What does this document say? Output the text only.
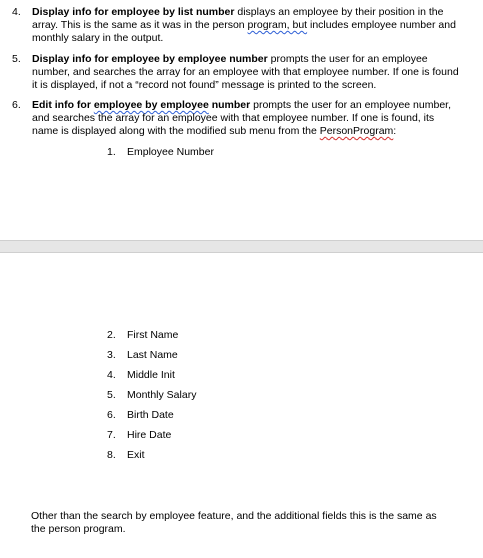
4. Display info for employee by list number displays an employee by their position in the array. This is the same as it was in the person program, but includes employee number and monthly salary in the output.
5. Display info for employee by employee number prompts the user for an employee number, and searches the array for an employee with that employee number. If one is found it is displayed, if not a “record not found” message is printed to the screen.
6. Edit info for employee by employee number prompts the user for an employee number, and searches the array for an employee with that employee number. If one is found, its name is displayed along with the modified sub menu from the PersonProgram:
1. Employee Number
2. First Name
3. Last Name
4. Middle Init
5. Monthly Salary
6. Birth Date
7. Hire Date
8. Exit
Other than the search by employee feature, and the additional fields this is the same as the person program.
